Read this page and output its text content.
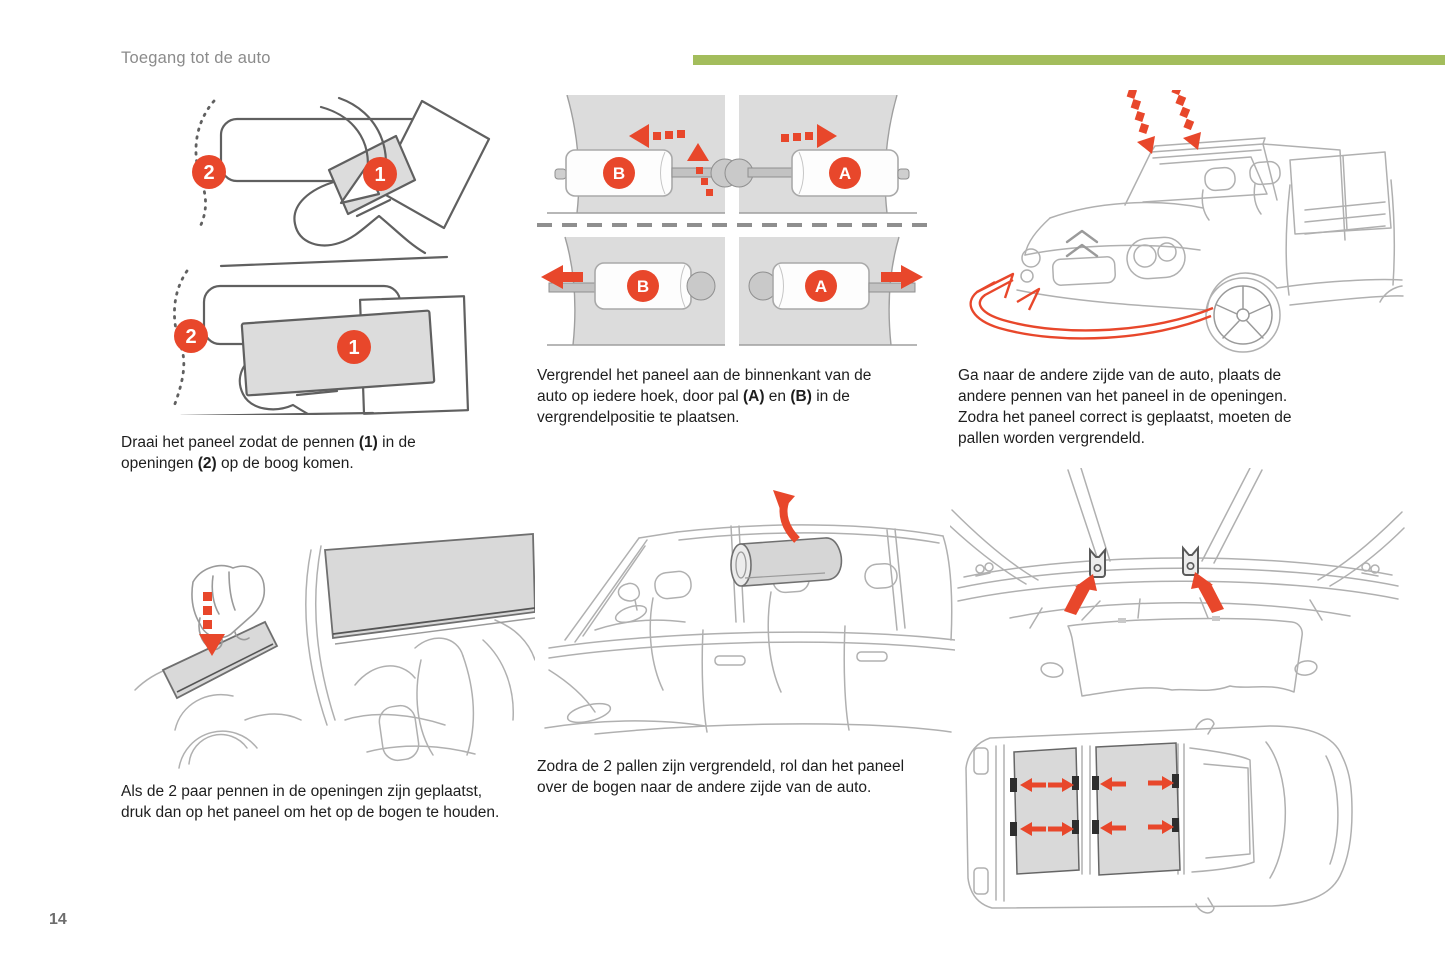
Toegang tot de auto
2	1
2	1
B	A
B	A

Draai het paneel zodat de pennen (1) in de openingen (2) op de boog komen.

Vergrendel het paneel aan de binnenkant van de auto op iedere hoek, door pal (A) en (B) in de vergrendelpositie te plaatsen.

Ga naar de andere zijde van de auto, plaats de andere pennen van het paneel in de openingen. Zodra het paneel correct is geplaatst, moeten de pallen worden vergrendeld.

Als de 2 paar pennen in de openingen zijn geplaatst, druk dan op het paneel om het op de bogen te houden.

Zodra de 2 pallen zijn vergrendeld, rol dan het paneel over de bogen naar de andere zijde van de auto.

14
